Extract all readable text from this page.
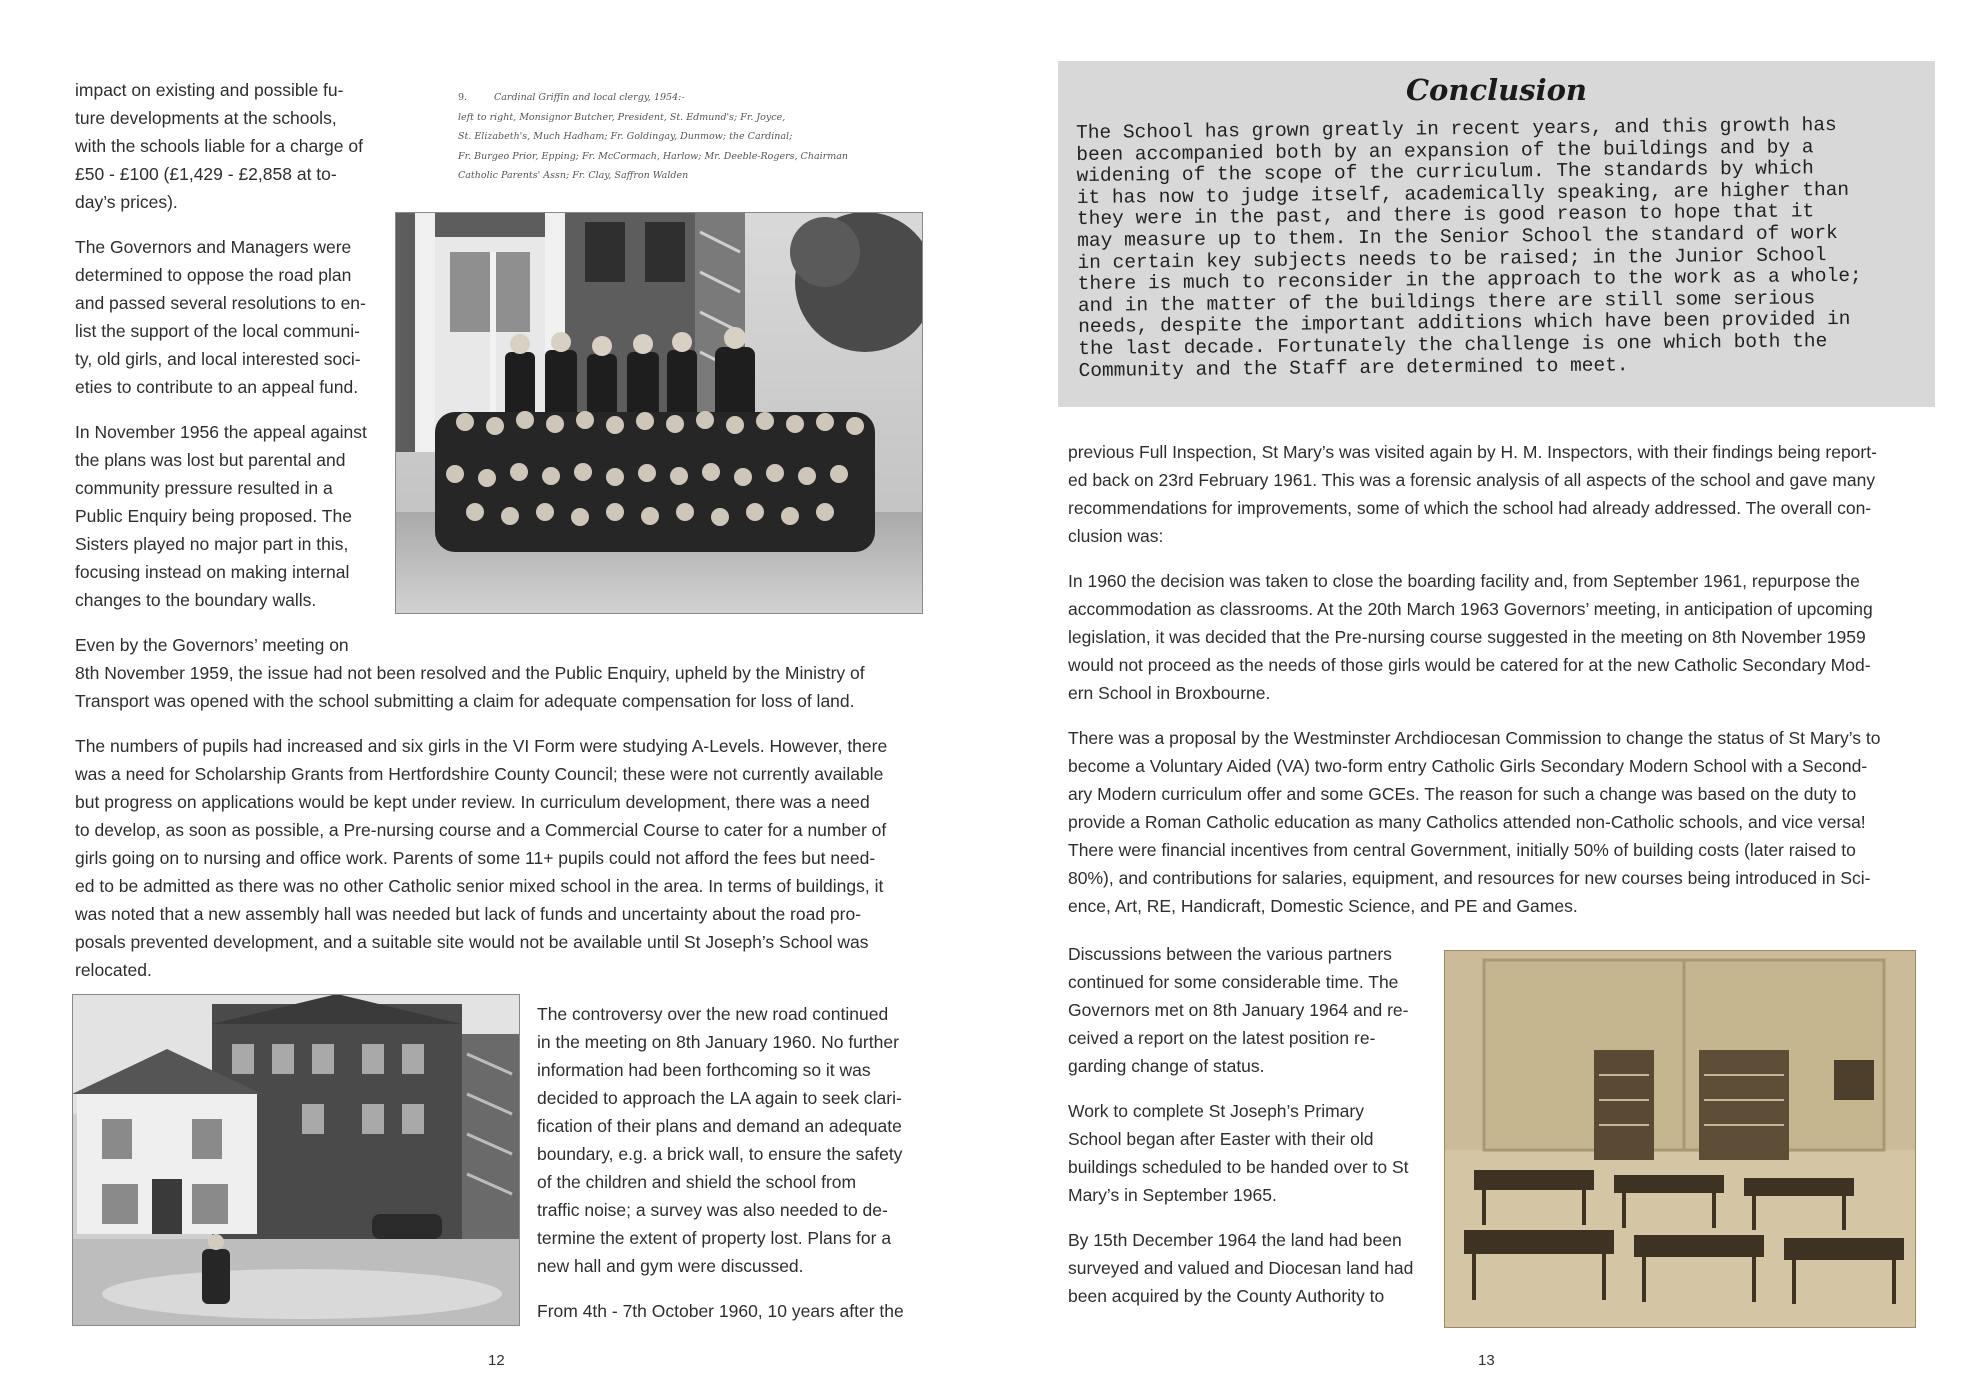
impact on existing and possible fu-
ture developments at the schools,
with the schools liable for a charge of
£50 - £100 (£1,429 - £2,858 at to-
day’s prices).

The Governors and Managers were
determined to oppose the road plan
and passed several resolutions to en-
list the support of the local communi-
ty, old girls, and local interested soci-
eties to contribute to an appeal fund.

In November 1956 the appeal against
the plans was lost but parental and
community pressure resulted in a
Public Enquiry being proposed. The
Sisters played no major part in this,
focusing instead on making internal
changes to the boundary walls.

9.	Cardinal Griffin and local clergy, 1954:-
left to right, Monsignor Butcher, President, St. Edmund's; Fr. Joyce,
St. Elizabeth's, Much Hadham; Fr. Goldingay, Dunmow; the Cardinal;
Fr. Burgeo Prior, Epping; Fr. McCormach, Harlow; Mr. Deeble-Rogers, Chairman
Catholic Parents' Assn; Fr. Clay, Saffron Walden

Even by the Governors’ meeting on
8th November 1959, the issue had not been resolved and the Public Enquiry, upheld by the Ministry of
Transport was opened with the school submitting a claim for adequate compensation for loss of land.

The numbers of pupils had increased and six girls in the VI Form were studying A-Levels. However, there
was a need for Scholarship Grants from Hertfordshire County Council; these were not currently available
but progress on applications would be kept under review. In curriculum development, there was a need
to develop, as soon as possible, a Pre-nursing course and a Commercial Course to cater for a number of
girls going on to nursing and office work. Parents of some 11+ pupils could not afford the fees but need-
ed to be admitted as there was no other Catholic senior mixed school in the area. In terms of buildings, it
was noted that a new assembly hall was needed but lack of funds and uncertainty about the road pro-
posals prevented development, and a suitable site would not be available until St Joseph’s School was
relocated.

The controversy over the new road continued
in the meeting on 8th January 1960. No further
information had been forthcoming so it was
decided to approach the LA again to seek clari-
fication of their plans and demand an adequate
boundary, e.g. a brick wall, to ensure the safety
of the children and shield the school from
traffic noise; a survey was also needed to de-
termine the extent of property lost. Plans for a
new hall and gym were discussed.

From 4th - 7th October 1960, 10 years after the

12
Conclusion
The School has grown greatly in recent years, and this growth has
been accompanied both by an expansion of the buildings and by a
widening of the scope of the curriculum. The standards by which
it has now to judge itself, academically speaking, are higher than
they were in the past, and there is good reason to hope that it
may measure up to them. In the Senior School the standard of work
in certain key subjects needs to be raised; in the Junior School
there is much to reconsider in the approach to the work as a whole;
and in the matter of the buildings there are still some serious
needs, despite the important additions which have been provided in
the last decade. Fortunately the challenge is one which both the
Community and the Staff are determined to meet.

previous Full Inspection, St Mary’s was visited again by H. M. Inspectors, with their findings being report-
ed back on 23rd February 1961. This was a forensic analysis of all aspects of the school and gave many
recommendations for improvements, some of which the school had already addressed. The overall con-
clusion was:

In 1960 the decision was taken to close the boarding facility and, from September 1961, repurpose the
accommodation as classrooms. At the 20th March 1963 Governors’ meeting, in anticipation of upcoming
legislation, it was decided that the Pre-nursing course suggested in the meeting on 8th November 1959
would not proceed as the needs of those girls would be catered for at the new Catholic Secondary Mod-
ern School in Broxbourne.

There was a proposal by the Westminster Archdiocesan Commission to change the status of St Mary’s to
become a Voluntary Aided (VA) two-form entry Catholic Girls Secondary Modern School with a Second-
ary Modern curriculum offer and some GCEs. The reason for such a change was based on the duty to
provide a Roman Catholic education as many Catholics attended non-Catholic schools, and vice versa!
There were financial incentives from central Government, initially 50% of building costs (later raised to
80%), and contributions for salaries, equipment, and resources for new courses being introduced in Sci-
ence, Art, RE, Handicraft, Domestic Science, and PE and Games.

Discussions between the various partners
continued for some considerable time. The
Governors met on 8th January 1964 and re-
ceived a report on the latest position re-
garding change of status.

Work to complete St Joseph’s Primary
School began after Easter with their old
buildings scheduled to be handed over to St
Mary’s in September 1965.

By 15th December 1964 the land had been
surveyed and valued and Diocesan land had
been acquired by the County Authority to

13
